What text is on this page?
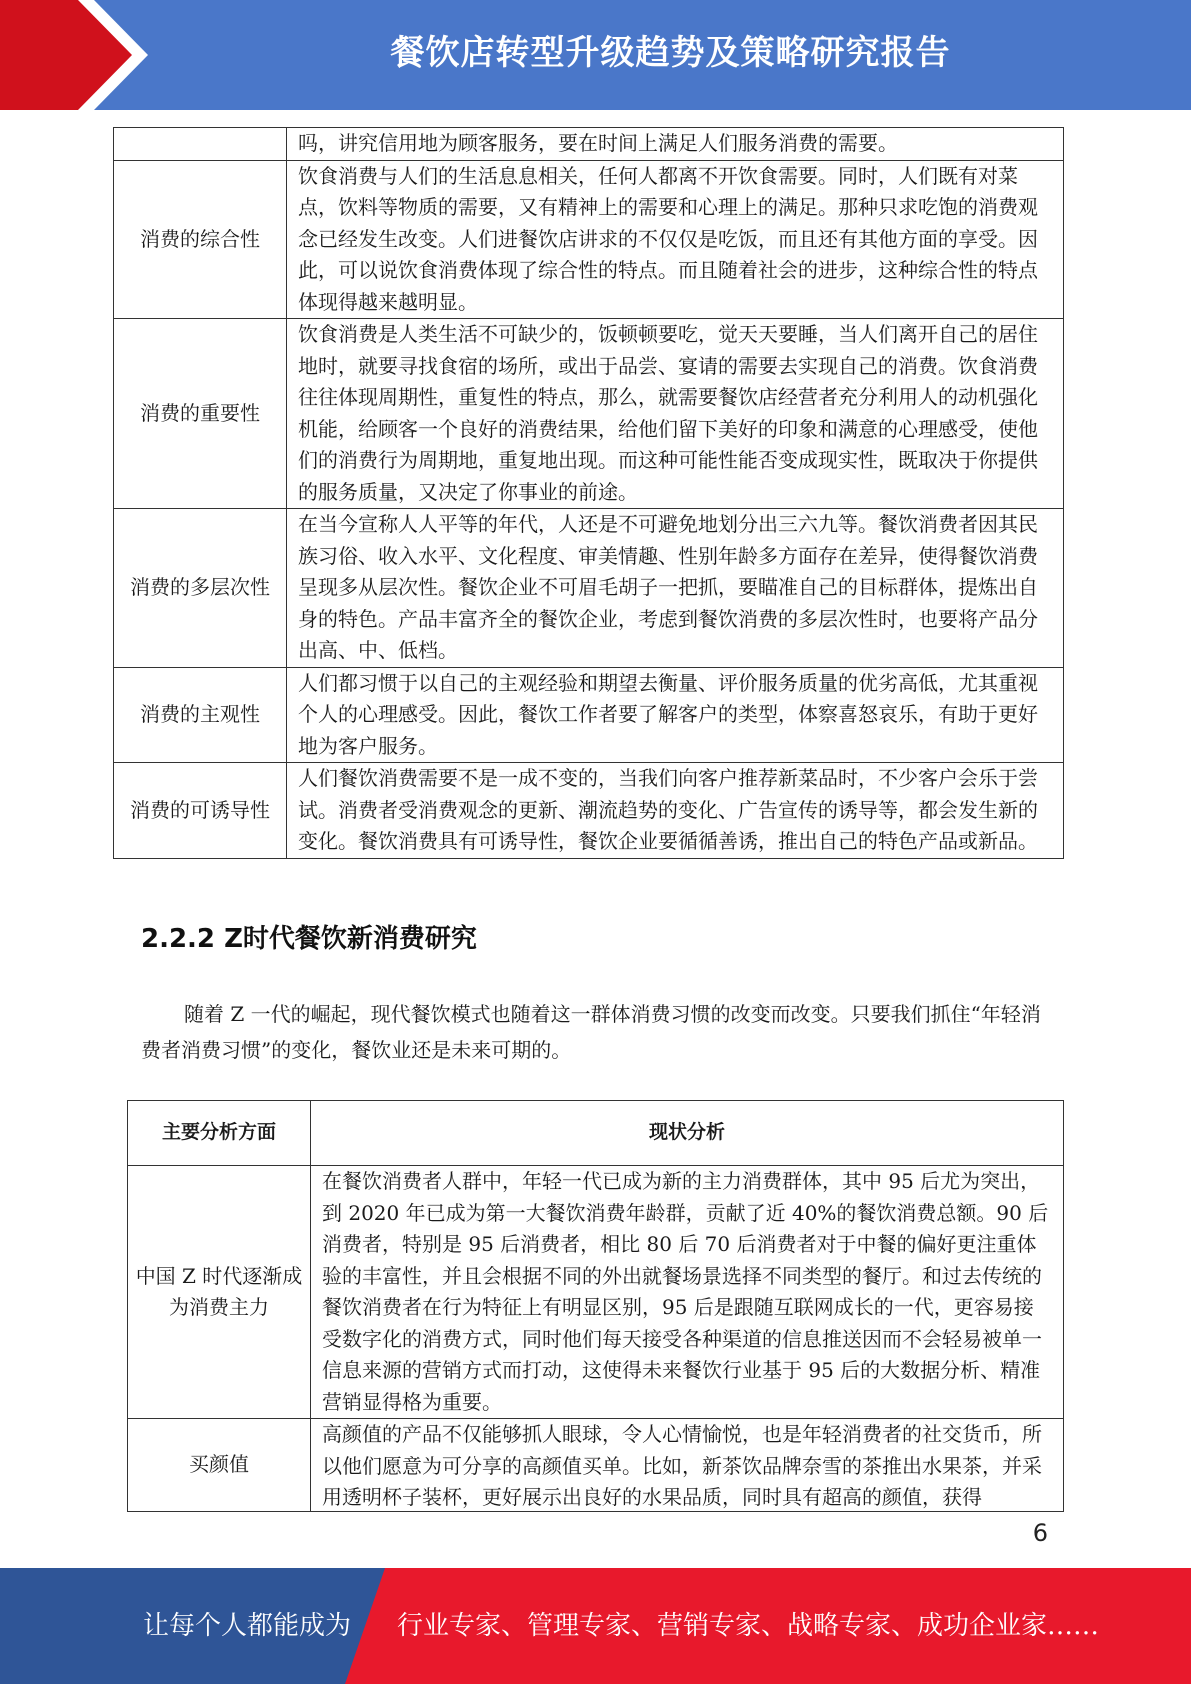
餐饮店转型升级趋势及策略研究报告
	吗，讲究信用地为顾客服务，要在时间上满足人们服务消费的需要。
消费的综合性	饮食消费与人们的生活息息相关，任何人都离不开饮食需要。同时，人们既有对菜点，饮料等物质的需要，又有精神上的需要和心理上的满足。那种只求吃饱的消费观念已经发生改变。人们进餐饮店讲求的不仅仅是吃饭，而且还有其他方面的享受。因此，可以说饮食消费体现了综合性的特点。而且随着社会的进步，这种综合性的特点体现得越来越明显。
消费的重要性	饮食消费是人类生活不可缺少的，饭顿顿要吃，觉天天要睡，当人们离开自己的居住地时，就要寻找食宿的场所，或出于品尝、宴请的需要去实现自己的消费。饮食消费往往体现周期性，重复性的特点，那么，就需要餐饮店经营者充分利用人的动机强化机能，给顾客一个良好的消费结果，给他们留下美好的印象和满意的心理感受，使他们的消费行为周期地，重复地出现。而这种可能性能否变成现实性，既取决于你提供的服务质量，又决定了你事业的前途。
消费的多层次性	在当今宣称人人平等的年代，人还是不可避免地划分出三六九等。餐饮消费者因其民族习俗、收入水平、文化程度、审美情趣、性别年龄多方面存在差异，使得餐饮消费呈现多从层次性。餐饮企业不可眉毛胡子一把抓，要瞄准自己的目标群体，提炼出自身的特色。产品丰富齐全的餐饮企业，考虑到餐饮消费的多层次性时，也要将产品分出高、中、低档。
消费的主观性	人们都习惯于以自己的主观经验和期望去衡量、评价服务质量的优劣高低，尤其重视个人的心理感受。因此，餐饮工作者要了解客户的类型，体察喜怒哀乐，有助于更好地为客户服务。
消费的可诱导性	人们餐饮消费需要不是一成不变的，当我们向客户推荐新菜品时，不少客户会乐于尝试。消费者受消费观念的更新、潮流趋势的变化、广告宣传的诱导等，都会发生新的变化。餐饮消费具有可诱导性，餐饮企业要循循善诱，推出自己的特色产品或新品。
2.2.2 Z时代餐饮新消费研究

随着 Z 一代的崛起，现代餐饮模式也随着这一群体消费习惯的改变而改变。只要我们抓住“年轻消费者消费习惯”的变化，餐饮业还是未来可期的。

主要分析方面	现状分析
中国 Z 时代逐渐成为消费主力	在餐饮消费者人群中，年轻一代已成为新的主力消费群体，其中 95 后尤为突出，到 2020 年已成为第一大餐饮消费年龄群，贡献了近 40%的餐饮消费总额。90 后消费者，特别是 95 后消费者，相比 80 后 70 后消费者对于中餐的偏好更注重体验的丰富性，并且会根据不同的外出就餐场景选择不同类型的餐厅。和过去传统的餐饮消费者在行为特征上有明显区别，95 后是跟随互联网成长的一代，更容易接受数字化的消费方式，同时他们每天接受各种渠道的信息推送因而不会轻易被单一信息来源的营销方式而打动，这使得未来餐饮行业基于 95 后的大数据分析、精准营销显得格为重要。
买颜值	高颜值的产品不仅能够抓人眼球，令人心情愉悦，也是年轻消费者的社交货币，所以他们愿意为可分享的高颜值买单。比如，新茶饮品牌奈雪的茶推出水果茶，并采用透明杯子装杯，更好展示出良好的水果品质，同时具有超高的颜值，获得
6
让每个人都能成为 行业专家、管理专家、营销专家、战略专家、成功企业家……
